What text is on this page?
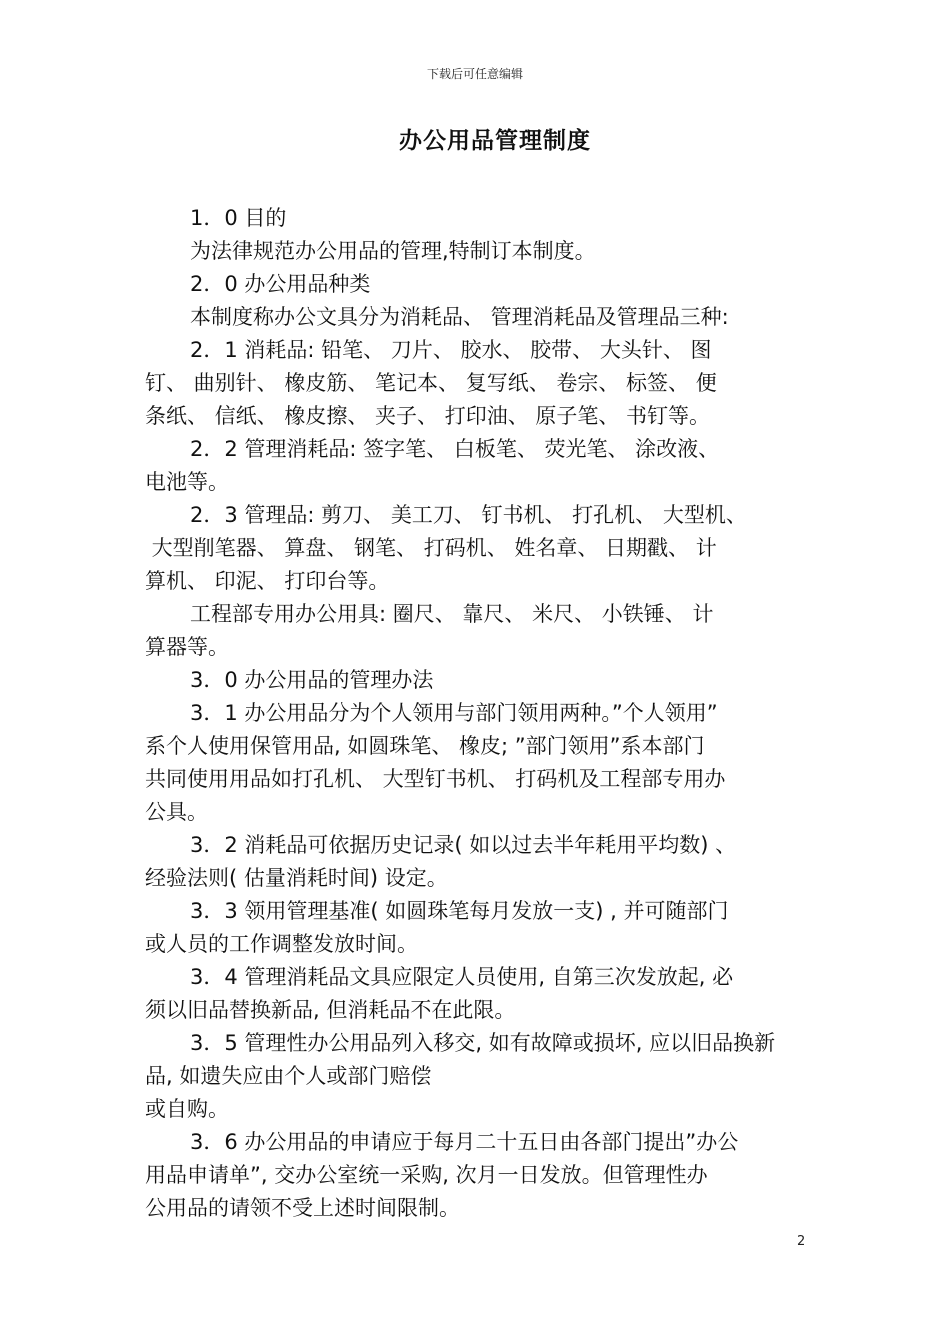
下载后可任意编辑
办公用品管理制度
1．0 目的
为法律规范办公用品的管理,特制订本制度。
2．0 办公用品种类
本制度称办公文具分为消耗品、 管理消耗品及管理品三种:
2．1 消耗品: 铅笔、 刀片、 胶水、 胶带、 大头针、 图
钉、 曲别针、 橡皮筋、 笔记本、 复写纸、 卷宗、 标签、 便
条纸、 信纸、 橡皮擦、 夹子、 打印油、 原子笔、 书钉等。
2．2 管理消耗品: 签字笔、 白板笔、 荧光笔、 涂改液、
电池等。
2．3 管理品: 剪刀、 美工刀、 钉书机、 打孔机、 大型机、
大型削笔器、 算盘、 钢笔、 打码机、 姓名章、 日期戳、 计
算机、 印泥、 打印台等。
工程部专用办公用具: 圈尺、 靠尺、 米尺、 小铁锤、 计
算器等。
3．0 办公用品的管理办法
3．1 办公用品分为个人领用与部门领用两种。”个人领用”
系个人使用保管用品, 如圆珠笔、 橡皮; ”部门领用”系本部门
共同使用用品如打孔机、 大型钉书机、 打码机及工程部专用办
公具。
3．2 消耗品可依据历史记录( 如以过去半年耗用平均数) 、
经验法则( 估量消耗时间) 设定。
3．3 领用管理基准( 如圆珠笔每月发放一支) , 并可随部门
或人员的工作调整发放时间。
3．4 管理消耗品文具应限定人员使用, 自第三次发放起, 必
须以旧品替换新品, 但消耗品不在此限。
3．5 管理性办公用品列入移交, 如有故障或损坏, 应以旧品换新
品, 如遗失应由个人或部门赔偿
或自购。
3．6 办公用品的申请应于每月二十五日由各部门提出”办公
用品申请单”, 交办公室统一采购, 次月一日发放。但管理性办
公用品的请领不受上述时间限制。
2
